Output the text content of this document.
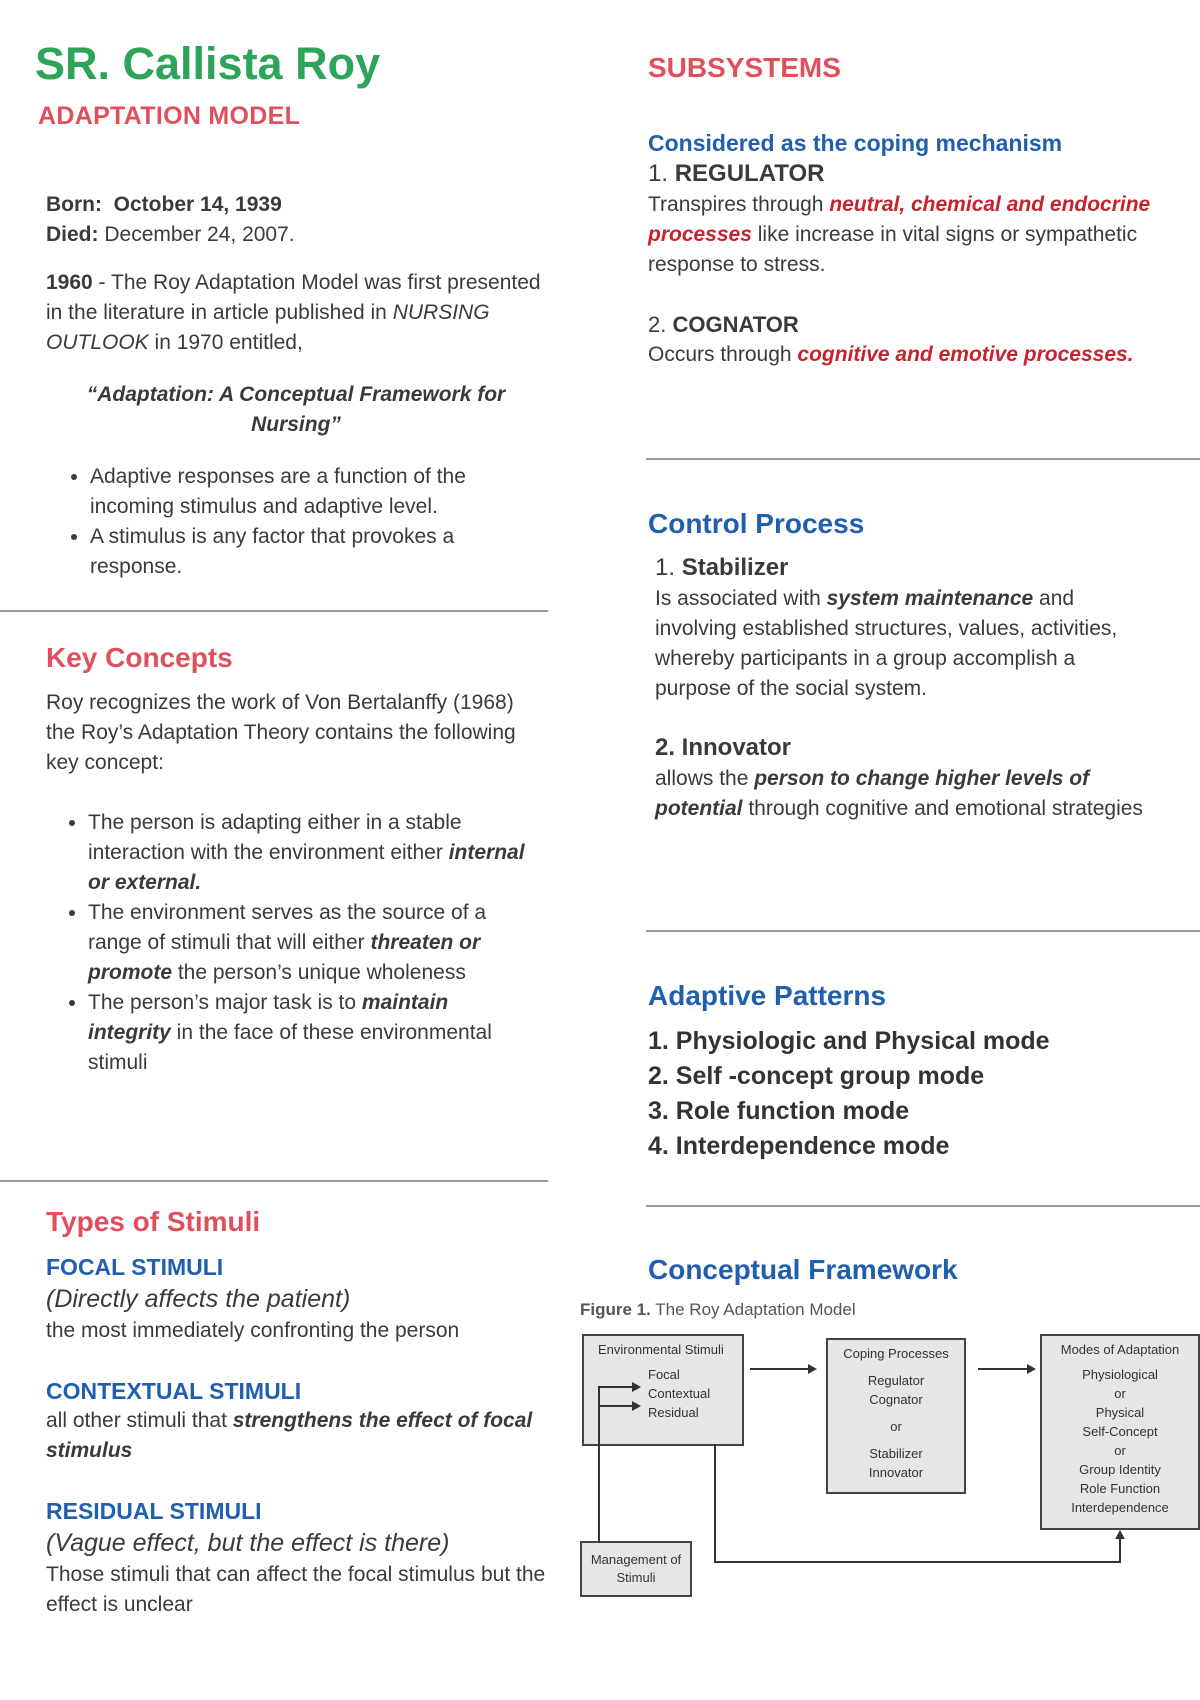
SR. Callista Roy
ADAPTATION MODEL
Born: October 14, 1939
Died: December 24, 2007.
1960 - The Roy Adaptation Model was first presented in the literature in article published in NURSING OUTLOOK in 1970 entitled,
“Adaptation: A Conceptual Framework for Nursing”
• Adaptive responses are a function of the incoming stimulus and adaptive level.
• A stimulus is any factor that provokes a response.
Key Concepts
Roy recognizes the work of Von Bertalanffy (1968) the Roy’s Adaptation Theory contains the following key concept:
• The person is adapting either in a stable interaction with the environment either internal or external.
• The environment serves as the source of a range of stimuli that will either threaten or promote the person’s unique wholeness
• The person’s major task is to maintain integrity in the face of these environmental stimuli
Types of Stimuli
FOCAL STIMULI
(Directly affects the patient)
the most immediately confronting the person
CONTEXTUAL STIMULI
all other stimuli that strengthens the effect of focal stimulus
RESIDUAL STIMULI
(Vague effect, but the effect is there)
Those stimuli that can affect the focal stimulus but the effect is unclear
SUBSYSTEMS
Considered as the coping mechanism
1. REGULATOR
Transpires through neutral, chemical and endocrine processes like increase in vital signs or sympathetic response to stress.
2. COGNATOR
Occurs through cognitive and emotive processes.
Control Process
1. Stabilizer
Is associated with system maintenance and involving established structures, values, activities, whereby participants in a group accomplish a purpose of the social system.
2. Innovator
allows the person to change higher levels of potential through cognitive and emotional strategies
Adaptive Patterns
1. Physiologic and Physical mode
2. Self -concept group mode
3. Role function mode
4. Interdependence mode
Conceptual Framework
Figure 1. The Roy Adaptation Model
Environmental Stimuli
Focal
Contextual
Residual
Coping Processes
Regulator
Cognator
or
Stabilizer
Innovator
Modes of Adaptation
Physiological
or
Physical
Self-Concept
or
Group Identity
Role Function
Interdependence
Management of Stimuli
